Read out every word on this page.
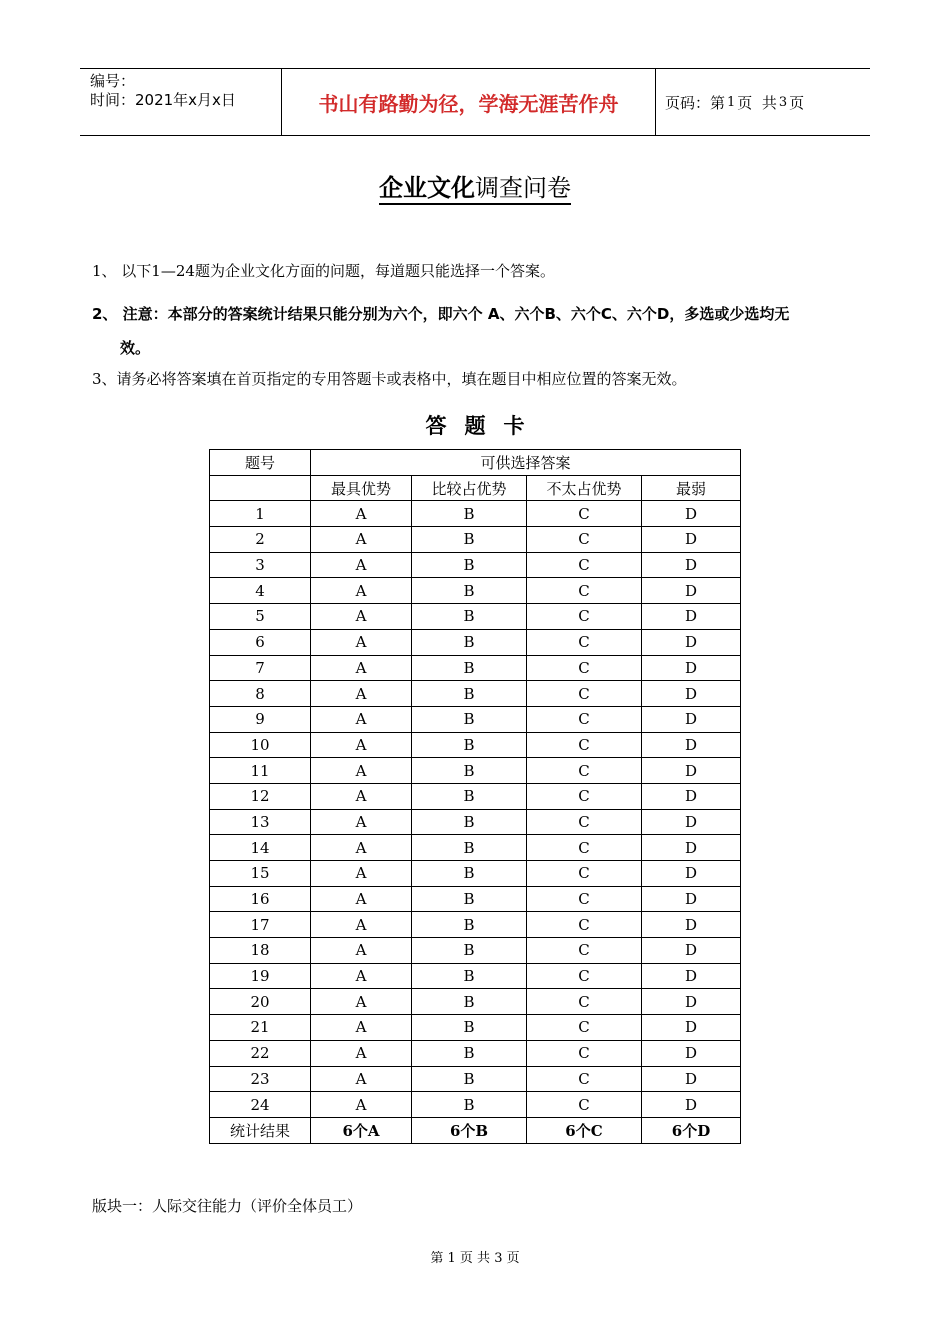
编号：
时间：2021年x月x日	书山有路勤为径，学海无涯苦作舟	页码：第 1 页  共 3 页
企业文化调查问卷
1、 以下1—24题为企业文化方面的问题，每道题只能选择一个答案。
2、 注意：本部分的答案统计结果只能分别为六个，即六个 A、六个B、六个C、六个D，多选或少选均无
效。
3、请务必将答案填在首页指定的专用答题卡或表格中，填在题目中相应位置的答案无效。
答题卡
题号	可供选择答案			
	最具优势	比较占优势	不太占优势	最弱
1	A	B	C	D
2	A	B	C	D
3	A	B	C	D
4	A	B	C	D
5	A	B	C	D
6	A	B	C	D
7	A	B	C	D
8	A	B	C	D
9	A	B	C	D
10	A	B	C	D
11	A	B	C	D
12	A	B	C	D
13	A	B	C	D
14	A	B	C	D
15	A	B	C	D
16	A	B	C	D
17	A	B	C	D
18	A	B	C	D
19	A	B	C	D
20	A	B	C	D
21	A	B	C	D
22	A	B	C	D
23	A	B	C	D
24	A	B	C	D
统计结果	6个A	6个B	6个C	6个D
版块一：人际交往能力（评价全体员工）
第 1 页 共 3 页
